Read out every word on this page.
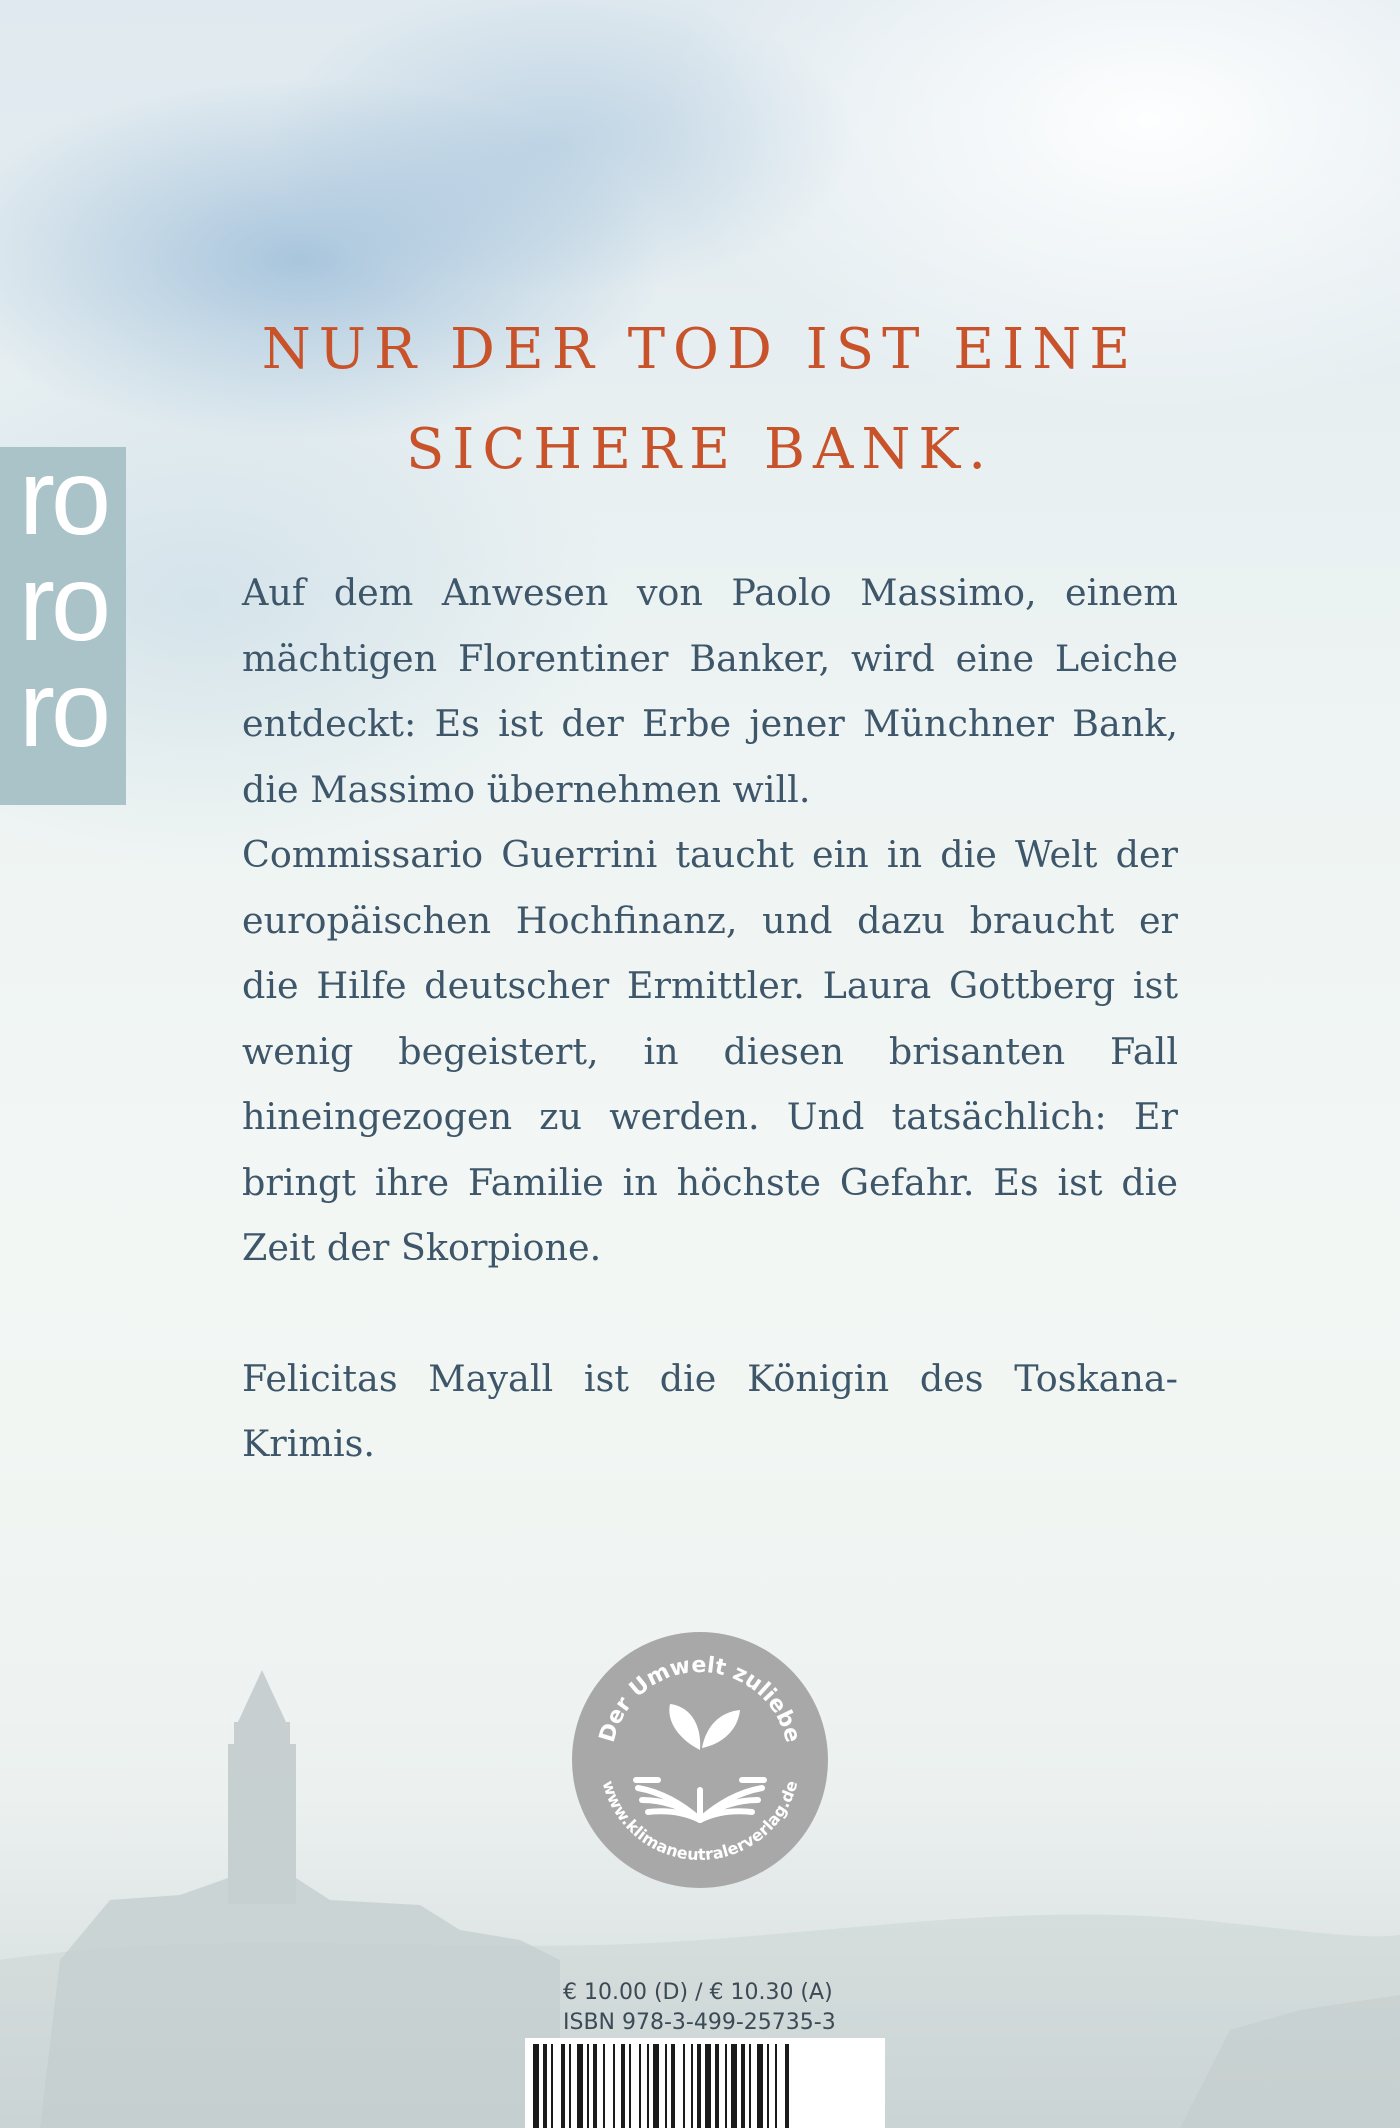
ro
ro
ro
NUR DER TOD IST EINE
SICHERE BANK.

Auf dem Anwesen von Paolo Massimo, einem mächtigen Florentiner Banker, wird eine Leiche entdeckt: Es ist der Erbe jener Münchner Bank, die Massimo übernehmen will.

Commissario Guerrini taucht ein in die Welt der europäischen Hochfinanz, und dazu braucht er die Hilfe deutscher Ermittler. Laura Gottberg ist wenig begeistert, in diesen brisanten Fall hineingezogen zu werden. Und tatsächlich: Er bringt ihre Familie in höchste Gefahr. Es ist die Zeit der Skorpione.

Felicitas Mayall ist die Königin des Toskana-Krimis.

Der Umwelt zuliebe
www.klimaneutralerverlag.de
€ 10.00 (D) / € 10.30 (A)
ISBN 978-3-499-25735-3
